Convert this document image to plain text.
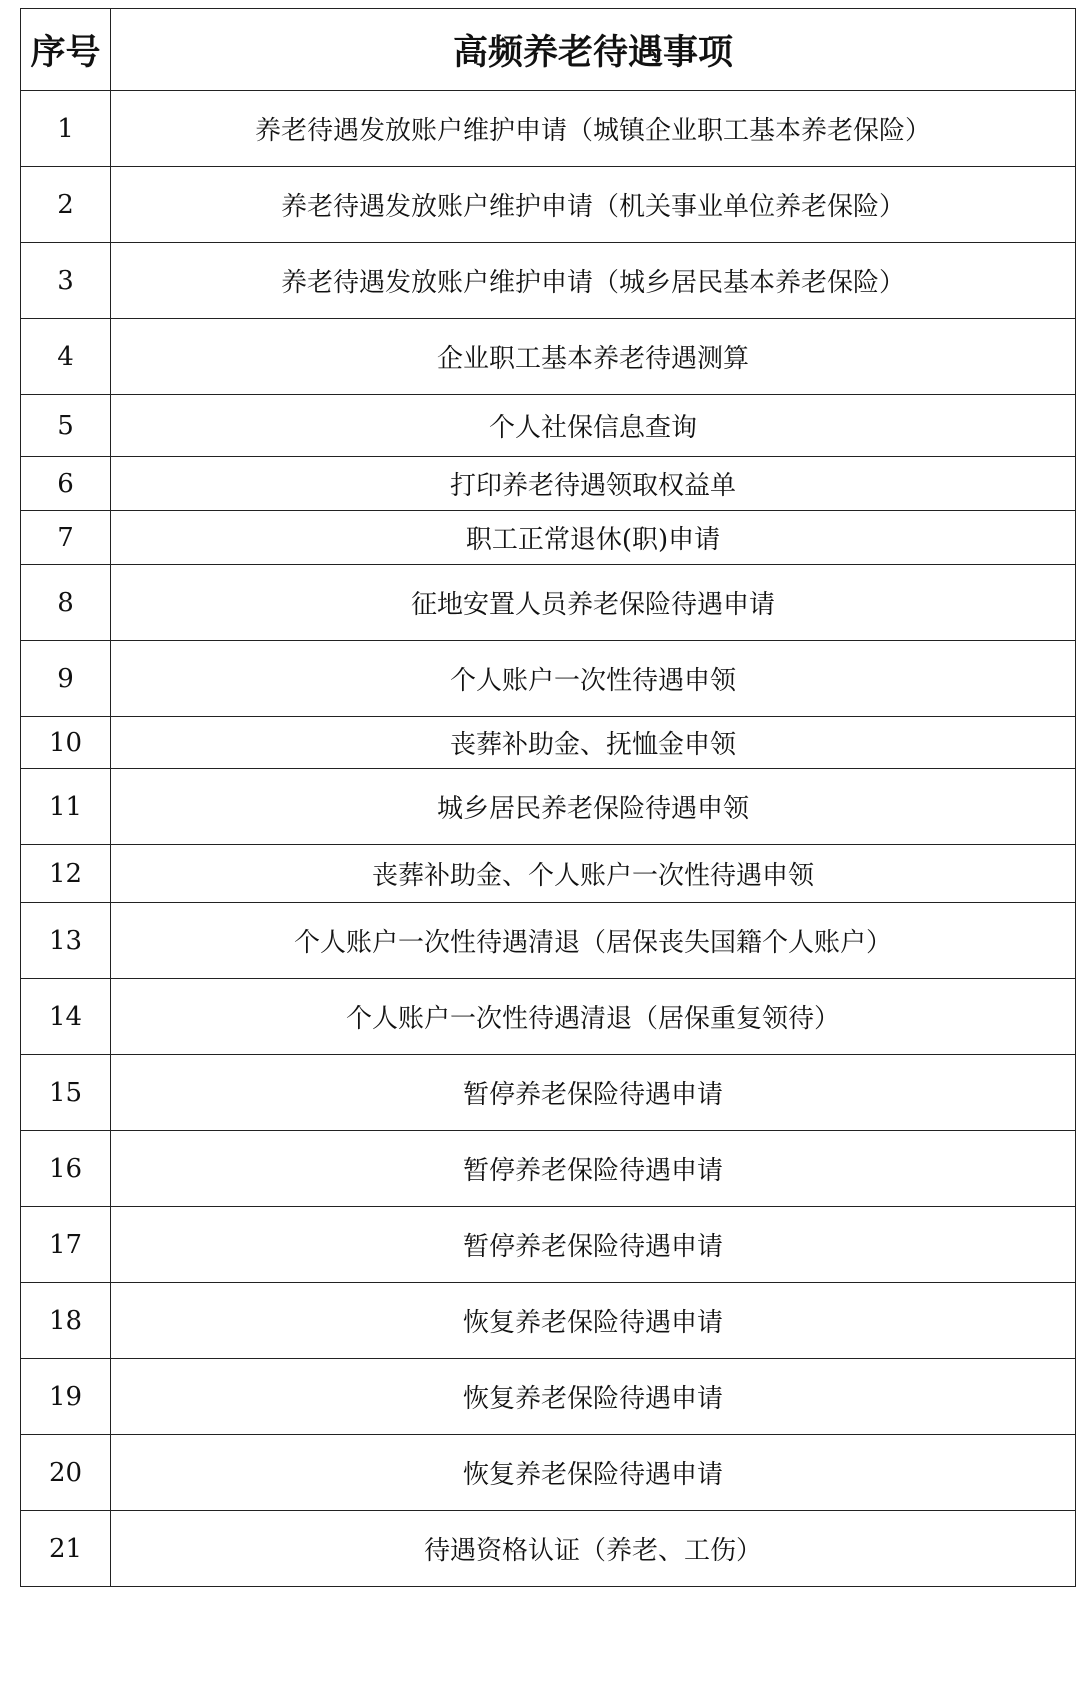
序号	高频养老待遇事项
1	养老待遇发放账户维护申请（城镇企业职工基本养老保险）
2	养老待遇发放账户维护申请（机关事业单位养老保险）
3	养老待遇发放账户维护申请（城乡居民基本养老保险）
4	企业职工基本养老待遇测算
5	个人社保信息查询
6	打印养老待遇领取权益单
7	职工正常退休(职)申请
8	征地安置人员养老保险待遇申请
9	个人账户一次性待遇申领
10	丧葬补助金、抚恤金申领
11	城乡居民养老保险待遇申领
12	丧葬补助金、个人账户一次性待遇申领
13	个人账户一次性待遇清退（居保丧失国籍个人账户）
14	个人账户一次性待遇清退（居保重复领待）
15	暂停养老保险待遇申请
16	暂停养老保险待遇申请
17	暂停养老保险待遇申请
18	恢复养老保险待遇申请
19	恢复养老保险待遇申请
20	恢复养老保险待遇申请
21	待遇资格认证（养老、工伤）
